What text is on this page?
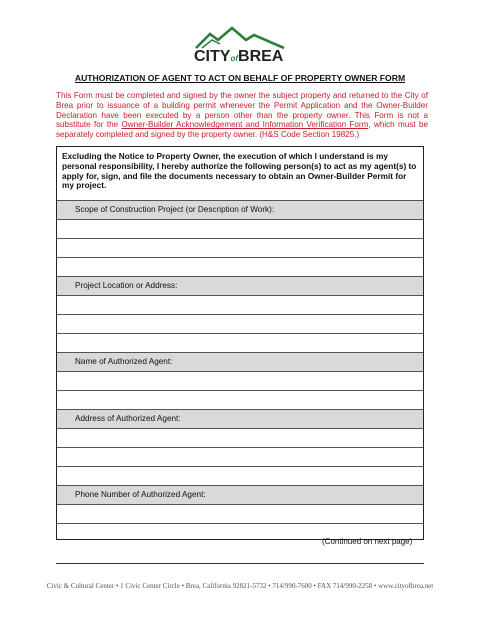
CITYofBREA
AUTHORIZATION OF AGENT TO ACT ON BEHALF OF PROPERTY OWNER FORM
This Form must be completed and signed by the owner the subject property and returned to the City of Brea prior to issuance of a building permit whenever the Permit Application and the Owner-Builder Declaration have been executed by a person other than the property owner. This Form is not a substitute for the Owner-Builder Acknowledgement and Information Verification Form, which must be separately completed and signed by the property owner. (H&S Code Section 19825.)
Excluding the Notice to Property Owner, the execution of which I understand is my personal responsibility, I hereby authorize the following person(s) to act as my agent(s) to apply for, sign, and file the documents necessary to obtain an Owner-Builder Permit for my project.
Scope of Construction Project (or Description of Work):
Project Location or Address:
Name of Authorized Agent:
Address of Authorized Agent:
Phone Number of Authorized Agent:
(Continued on next page)
Civic & Cultural Center • 1 Civic Center Circle • Brea, California 92821-5732 • 714/990-7600 • FAX 714/990-2258 • www.cityofbrea.net
